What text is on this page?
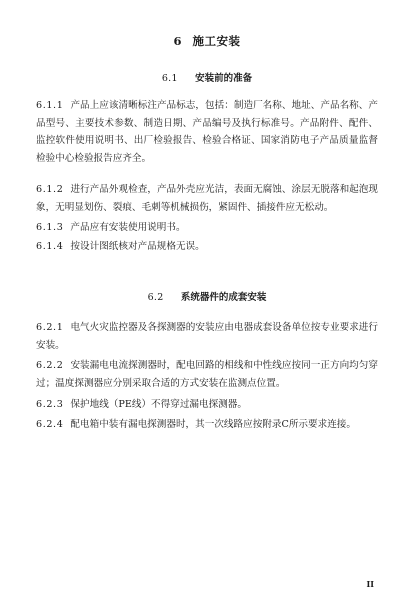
6 施工安装
6.1 安装前的准备
6.1.1 产品上应该清晰标注产品标志，包括：制造厂名称、地址、产品名称、产品型号、主要技术参数、制造日期、产品编号及执行标准号。产品附件、配件、监控软件使用说明书、出厂检验报告、检验合格证、国家消防电子产品质量监督检验中心检验报告应齐全。
6.1.2 进行产品外观检查，产品外壳应光洁，表面无腐蚀、涂层无脱落和起泡现象，无明显划伤、裂痕、毛刺等机械损伤，紧固件、插接件应无松动。
6.1.3 产品应有安装使用说明书。
6.1.4 按设计图纸核对产品规格无误。
6.2 系统器件的成套安装
6.2.1 电气火灾监控器及各探测器的安装应由电器成套设备单位按专业要求进行安装。
6.2.2 安装漏电电流探测器时，配电回路的相线和中性线应按同一正方向均匀穿过；温度探测器应分别采取合适的方式安装在监测点位置。
6.2.3 保护地线（PE线）不得穿过漏电探测器。
6.2.4 配电箱中装有漏电探测器时，其一次线路应按附录C所示要求连接。
II
